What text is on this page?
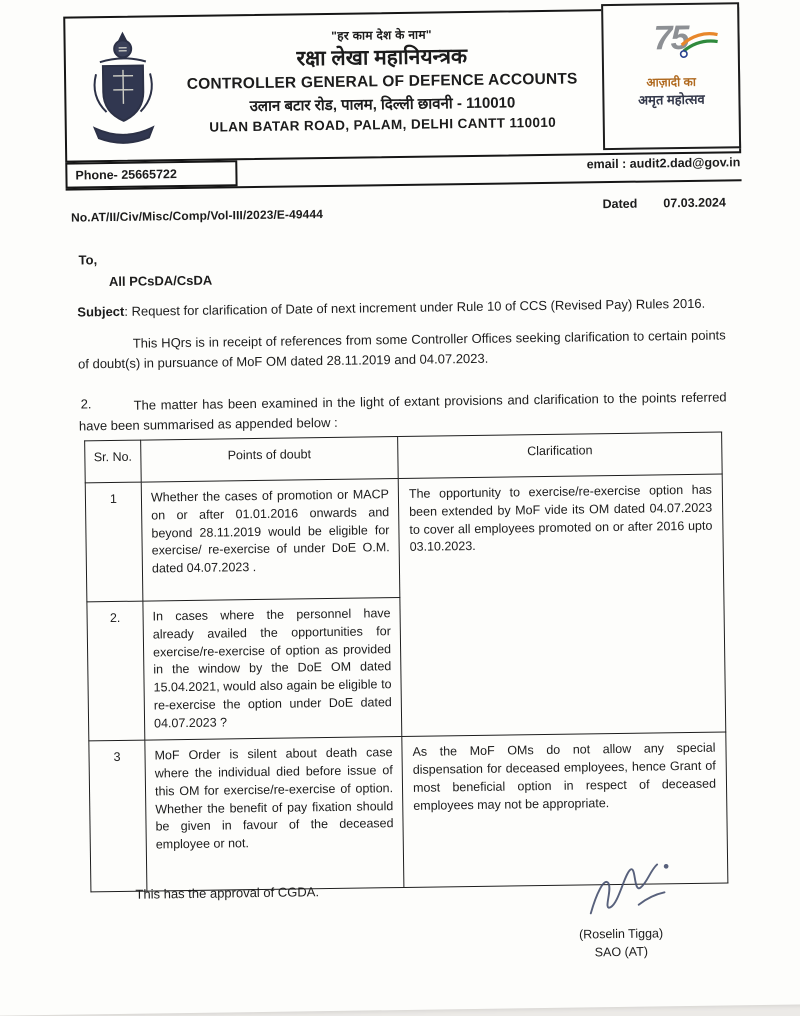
"हर काम देश के नाम"
रक्षा लेखा महानियन्त्रक
CONTROLLER GENERAL OF DEFENCE ACCOUNTS
उलान बटार रोड, पालम, दिल्ली छावनी - 110010
ULAN BATAR ROAD, PALAM, DELHI CANTT 110010
75
आज़ादी का
अमृत महोत्सव
Phone- 25665722
email : audit2.dad@gov.in
No.AT/II/Civ/Misc/Comp/Vol-III/2023/E-49444
Dated 07.03.2024
To,
All PCsDA/CsDA
Subject: Request for clarification of Date of next increment under Rule 10 of CCS (Revised Pay) Rules 2016.

This HQrs is in receipt of references from some Controller Offices seeking clarification to certain points of doubt(s) in pursuance of MoF OM dated 28.11.2019 and 04.07.2023.

2.	The matter has been examined in the light of extant provisions and clarification to the points referred have been summarised as appended below :

Sr. No.	Points of doubt	Clarification
1	Whether the cases of promotion or MACP on or after 01.01.2016 onwards and beyond 28.11.2019 would be eligible for exercise/ re-exercise of under DoE O.M. dated 04.07.2023 .	The opportunity to exercise/re-exercise option has been extended by MoF vide its OM dated 04.07.2023 to cover all employees promoted on or after 2016 upto 03.10.2023.
2.	In cases where the personnel have already availed the opportunities for exercise/re-exercise of option as provided in the window by the DoE OM dated 15.04.2021, would also again be eligible to re-exercise the option under DoE dated 04.07.2023 ?	
3	MoF Order is silent about death case where the individual died before issue of this OM for exercise/re-exercise of option. Whether the benefit of pay fixation should be given in favour of the deceased employee or not.	As the MoF OMs do not allow any special dispensation for deceased employees, hence Grant of most beneficial option in respect of deceased employees may not be appropriate.
This has the approval of CGDA.
(Roselin Tigga)
SAO (AT)
